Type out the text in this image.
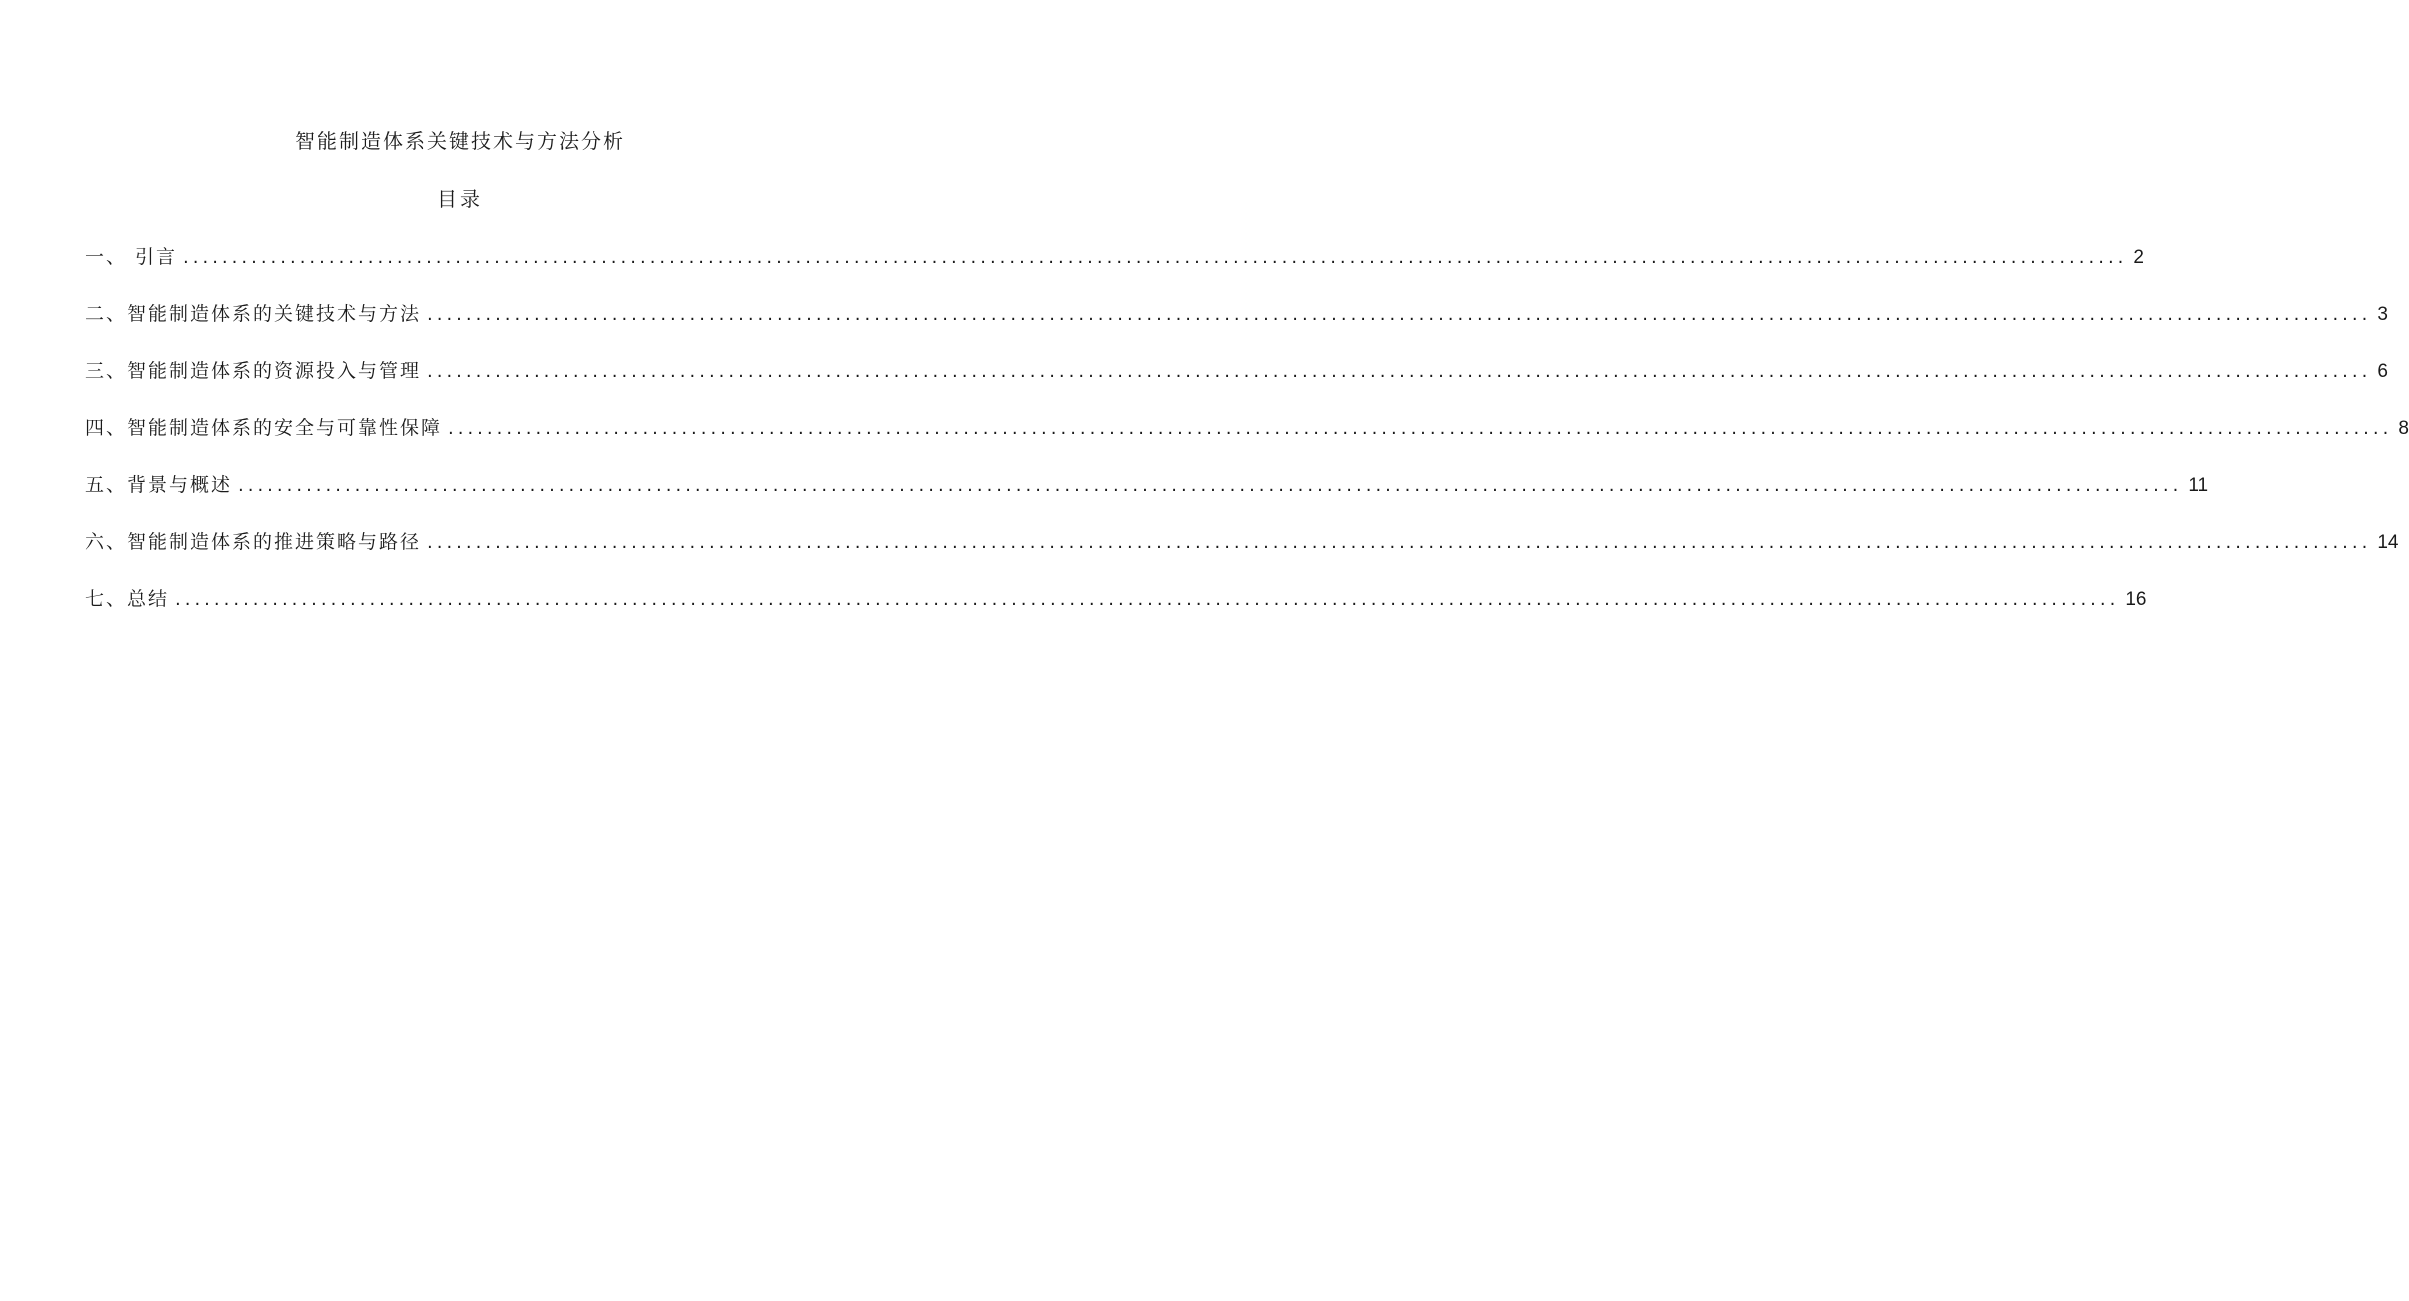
智能制造体系关键技术与方法分析
目录
一、 引言 ........................................................................................................................................................................................................ 2
二、智能制造体系的关键技术与方法 ........................................................................................................................................................................................................ 3
三、智能制造体系的资源投入与管理 ........................................................................................................................................................................................................ 6
四、智能制造体系的安全与可靠性保障 ........................................................................................................................................................................................................ 8
五、背景与概述 ........................................................................................................................................................................................................ 11
六、智能制造体系的推进策略与路径 ........................................................................................................................................................................................................ 14
七、总结 ........................................................................................................................................................................................................ 16
